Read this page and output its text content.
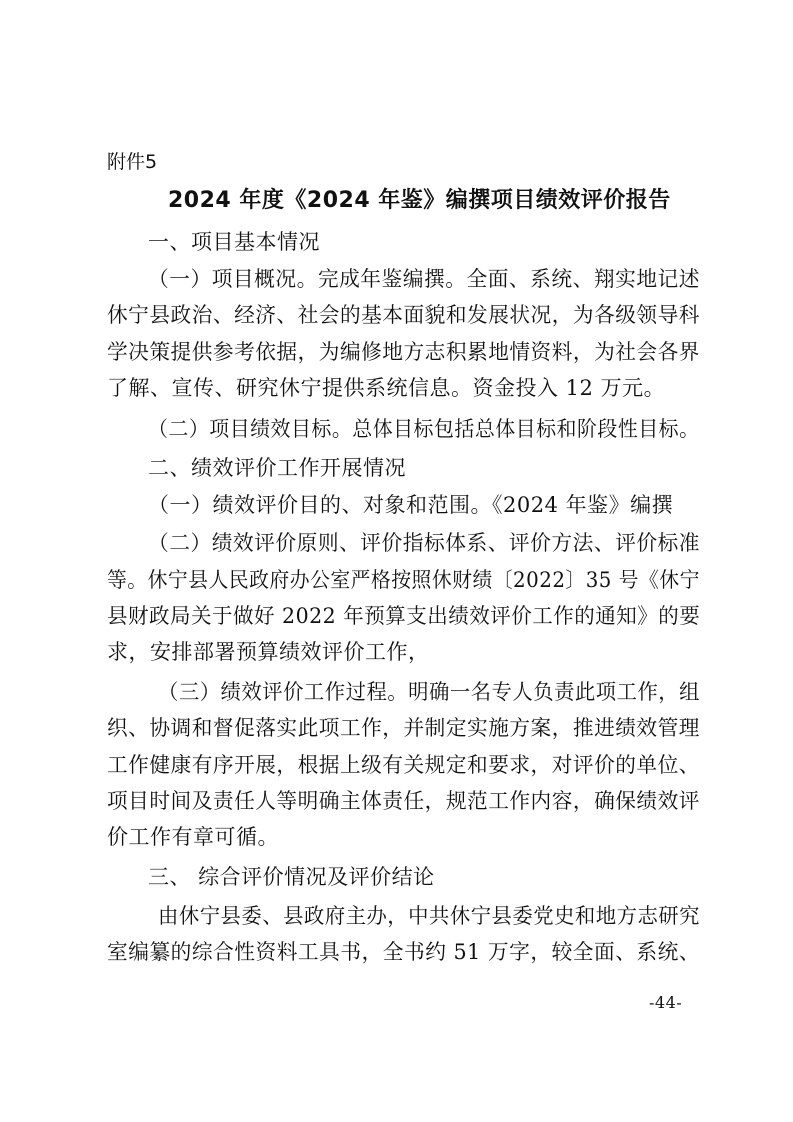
附件5
2024 年度《2024 年鉴》编撰项目绩效评价报告
一、项目基本情况
（一）项目概况。完成年鉴编撰。全面、系统、翔实地记述
休宁县政治、经济、社会的基本面貌和发展状况，为各级领导科
学决策提供参考依据，为编修地方志积累地情资料，为社会各界
了解、宣传、研究休宁提供系统信息。资金投入 12 万元。
（二）项目绩效目标。总体目标包括总体目标和阶段性目标。
二、绩效评价工作开展情况
（一）绩效评价目的、对象和范围。《2024 年鉴》编撰
（二）绩效评价原则、评价指标体系、评价方法、评价标准
等。休宁县人民政府办公室严格按照休财绩〔2022〕35 号《休宁
县财政局关于做好 2022 年预算支出绩效评价工作的通知》的要
求，安排部署预算绩效评价工作，
（三）绩效评价工作过程。明确一名专人负责此项工作，组
织、协调和督促落实此项工作，并制定实施方案，推进绩效管理
工作健康有序开展，根据上级有关规定和要求，对评价的单位、
项目时间及责任人等明确主体责任，规范工作内容，确保绩效评
价工作有章可循。
三、 综合评价情况及评价结论
由休宁县委、县政府主办，中共休宁县委党史和地方志研究
室编纂的综合性资料工具书，全书约 51 万字，较全面、系统、
-44-
